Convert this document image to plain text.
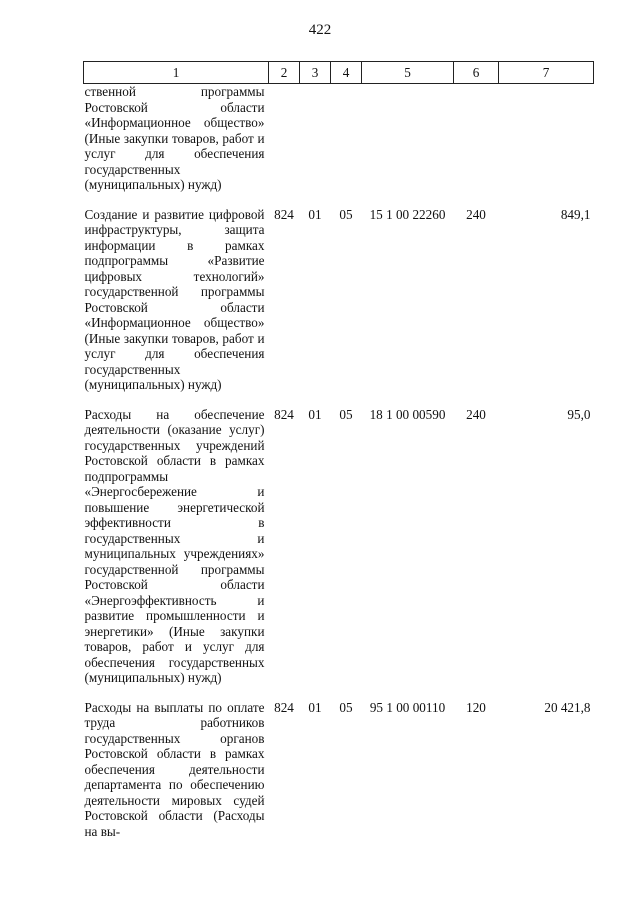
422
1	2	3	4	5	6	7
ственной программы Ростовской области «Информационное общество» (Иные закупки товаров, работ и услуг для обеспечения государственных (муниципальных) нужд)						

Создание и развитие цифровой инфраструктуры, защита информации в рамках подпрограммы «Развитие цифровых технологий» государственной программы Ростовской области «Информационное общество» (Иные закупки товаров, работ и услуг для обеспечения государственных (муниципальных) нужд)	824	01	05	15 1 00 22260	240	849,1

Расходы на обеспечение деятельности (оказание услуг) государственных учреждений Ростовской области в рамках подпрограммы «Энергосбережение и повышение энергетической эффективности в государственных и муниципальных учреждениях» государственной программы Ростовской области «Энергоэффективность и развитие промышленности и энергетики» (Иные закупки товаров, работ и услуг для обеспечения государственных (муниципальных) нужд)	824	01	05	18 1 00 00590	240	95,0

Расходы на выплаты по оплате труда работников государственных органов Ростовской области в рамках обеспечения деятельности департамента по обеспечению деятельности мировых судей Ростовской области (Расходы на вы-	824	01	05	95 1 00 00110	120	20 421,8
